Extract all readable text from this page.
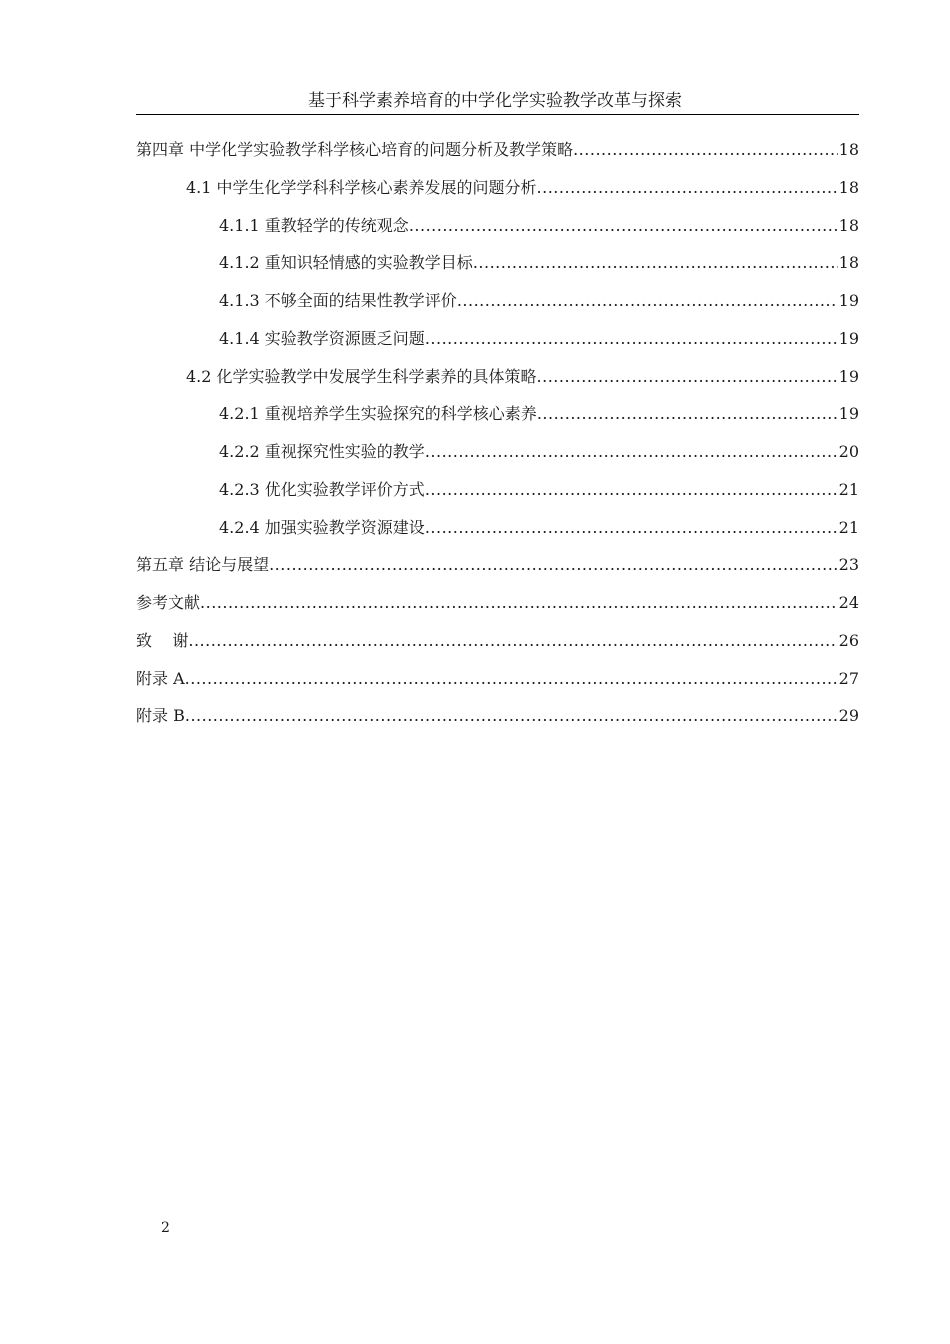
基于科学素养培育的中学化学实验教学改革与探索
第四章 中学化学实验教学科学核心培育的问题分析及教学策略 .....	18
4.1 中学生化学学科科学核心素养发展的问题分析 .....	18
4.1.1 重教轻学的传统观念 .....	18
4.1.2 重知识轻情感的实验教学目标 .....	18
4.1.3 不够全面的结果性教学评价 .....	19
4.1.4 实验教学资源匮乏问题 .....	19
4.2 化学实验教学中发展学生科学素养的具体策略 .....	19
4.2.1 重视培养学生实验探究的科学核心素养 .....	19
4.2.2 重视探究性实验的教学 .....	20
4.2.3 优化实验教学评价方式 .....	21
4.2.4 加强实验教学资源建设 .....	21
第五章 结论与展望 .....	23
参考文献 .....	24
致    谢 .....	26
附录 A .....	27
附录 B .....	29
2
